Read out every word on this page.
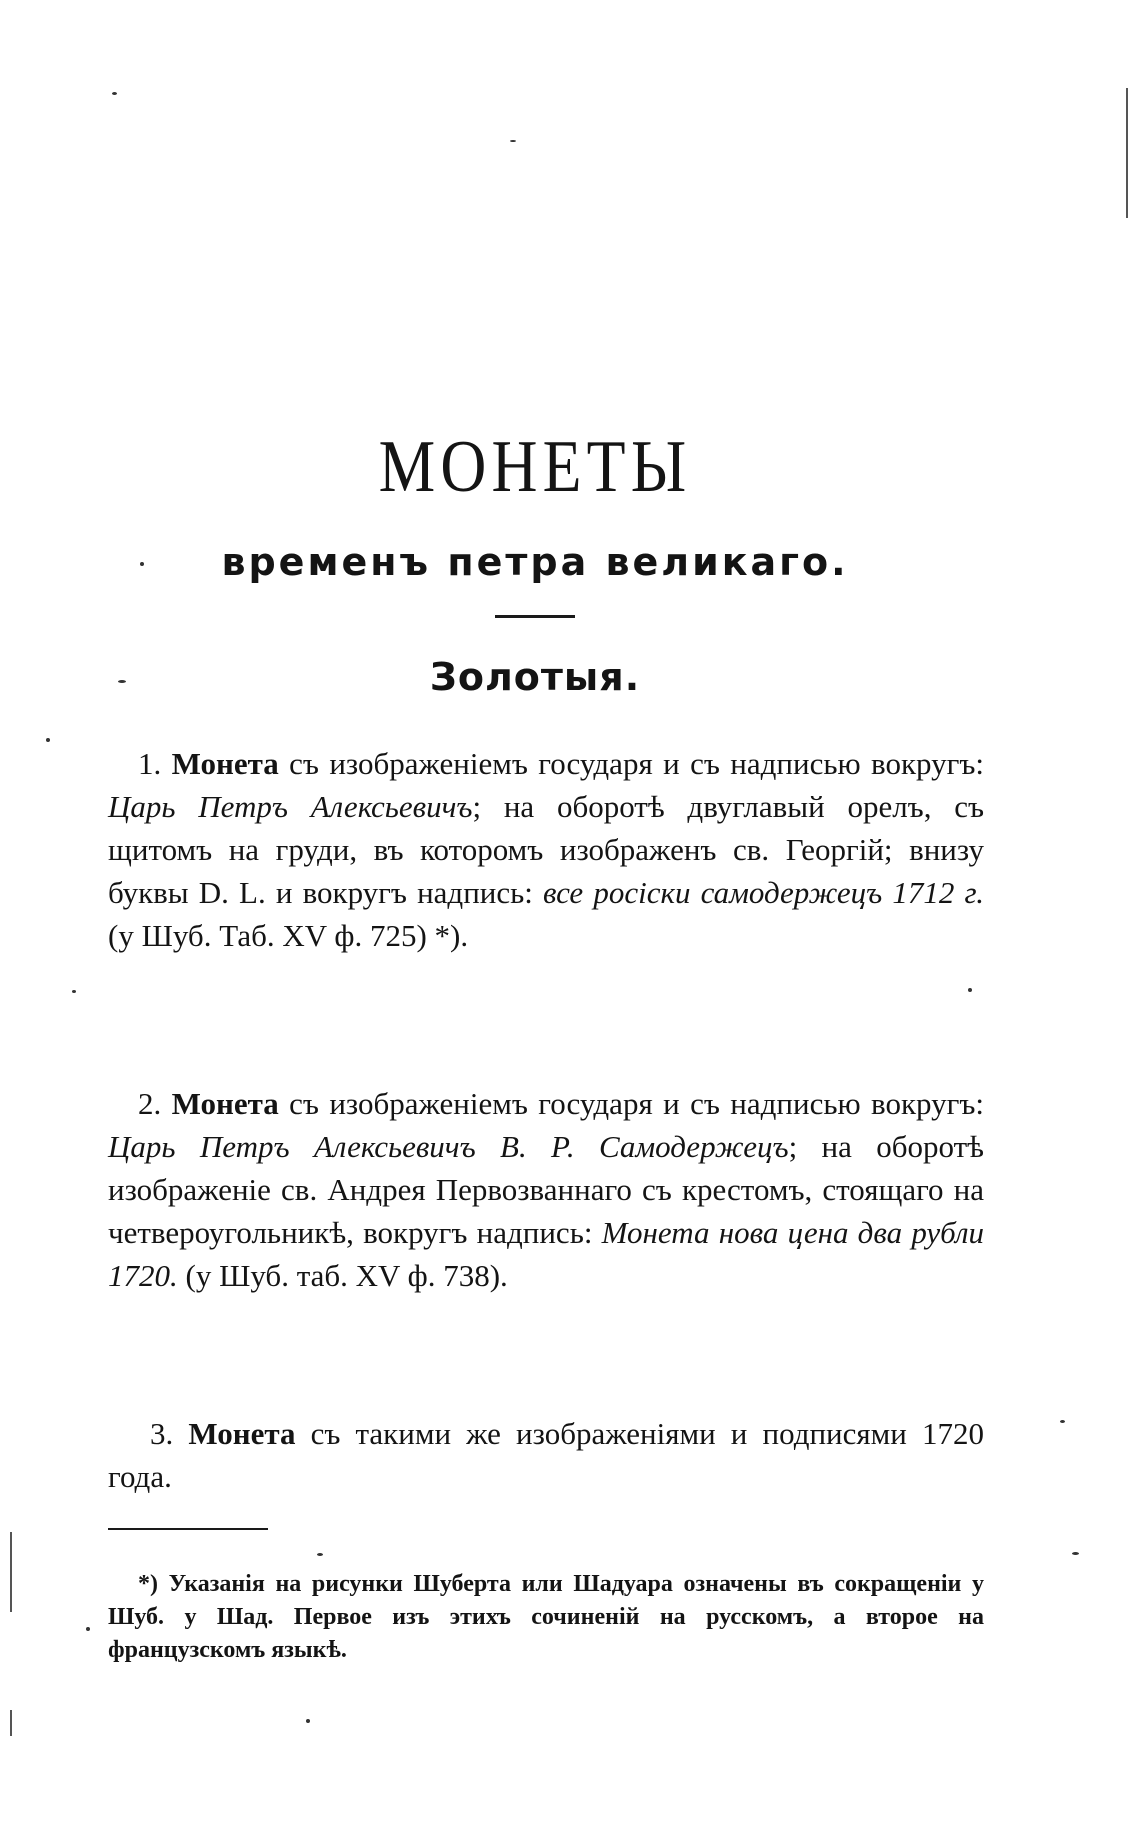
МОНЕТЫ
временъ петра великаго.
Золотыя.

1. Монета съ изображеніемъ государя и съ надписью вокругъ: Царь Петръ Алексьевичъ; на оборотѣ двуглавый орелъ, съ щитомъ на груди, въ которомъ изображенъ св. Георгій; внизу буквы D. L. и вокругъ надпись: все росіски самодержецъ 1712 г. (у Шуб. Таб. XV ф. 725) *).

2. Монета съ изображеніемъ государя и съ надписью вокругъ: Царь Петръ Алексьевичъ В. Р. Самодержецъ; на оборотѣ изображеніе св. Андрея Первозваннаго съ крестомъ, стоящаго на четвероугольникѣ, вокругъ надпись: Монета нова цена два рубли 1720. (у Шуб. таб. XV ф. 738).

3. Монета съ такими же изображеніями и подписями 1720 года.

*) Указанія на рисунки Шуберта или Шадуара означены въ сокращеніи у Шуб. у Шад. Первое изъ этихъ сочиненій на русскомъ, а второе на французскомъ языкѣ.
